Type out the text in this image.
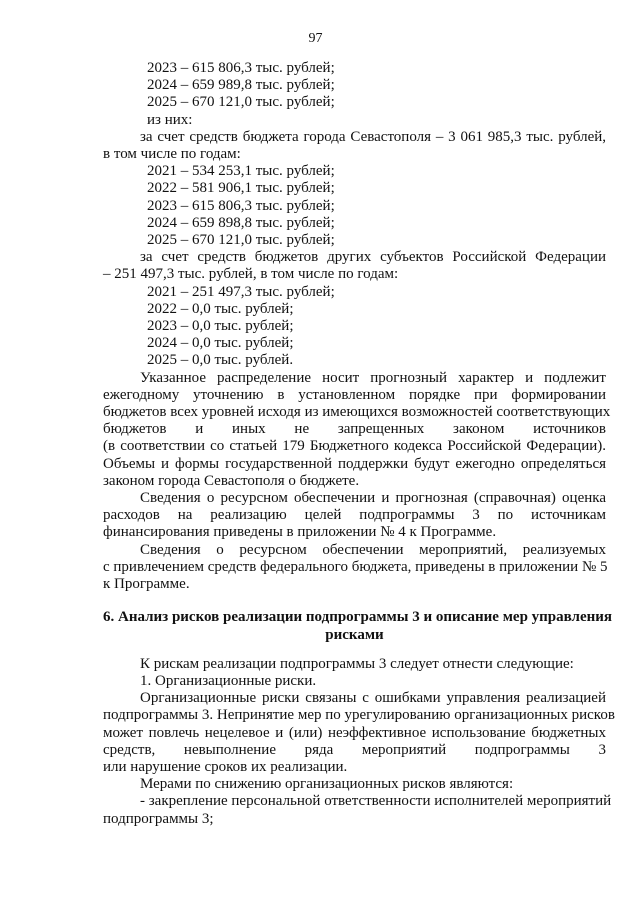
97
2023 – 615 806,3 тыс. рублей;
2024 – 659 989,8 тыс. рублей;
2025 – 670 121,0 тыс. рублей;
из них:
за счет средств бюджета города Севастополя – 3 061 985,3 тыс. рублей,
в том числе по годам:
2021 – 534 253,1 тыс. рублей;
2022 – 581 906,1 тыс. рублей;
2023 – 615 806,3 тыс. рублей;
2024 – 659 898,8 тыс. рублей;
2025 – 670 121,0 тыс. рублей;
за счет средств бюджетов других субъектов Российской Федерации
– 251 497,3 тыс. рублей, в том числе по годам:
2021 – 251 497,3 тыс. рублей;
2022 – 0,0 тыс. рублей;
2023 – 0,0 тыс. рублей;
2024 – 0,0 тыс. рублей;
2025 – 0,0 тыс. рублей.
Указанное распределение носит прогнозный характер и подлежит
ежегодному уточнению в установленном порядке при формировании
бюджетов всех уровней исходя из имеющихся возможностей соответствующих
бюджетов и иных не запрещенных законом источников
(в соответствии со статьей 179 Бюджетного кодекса Российской Федерации).
Объемы и формы государственной поддержки будут ежегодно определяться
законом города Севастополя о бюджете.
Сведения о ресурсном обеспечении и прогнозная (справочная) оценка
расходов на реализацию целей подпрограммы 3 по источникам
финансирования приведены в приложении № 4 к Программе.
Сведения о ресурсном обеспечении мероприятий, реализуемых
с привлечением средств федерального бюджета, приведены в приложении № 5
к Программе.
6. Анализ рисков реализации подпрограммы 3 и описание мер управления
рисками
К рискам реализации подпрограммы 3 следует отнести следующие:
1. Организационные риски.
Организационные риски связаны с ошибками управления реализацией
подпрограммы 3. Непринятие мер по урегулированию организационных рисков
может повлечь нецелевое и (или) неэффективное использование бюджетных
средств, невыполнение ряда мероприятий подпрограммы 3
или нарушение сроков их реализации.
Мерами по снижению организационных рисков являются:
- закрепление персональной ответственности исполнителей мероприятий
подпрограммы 3;
